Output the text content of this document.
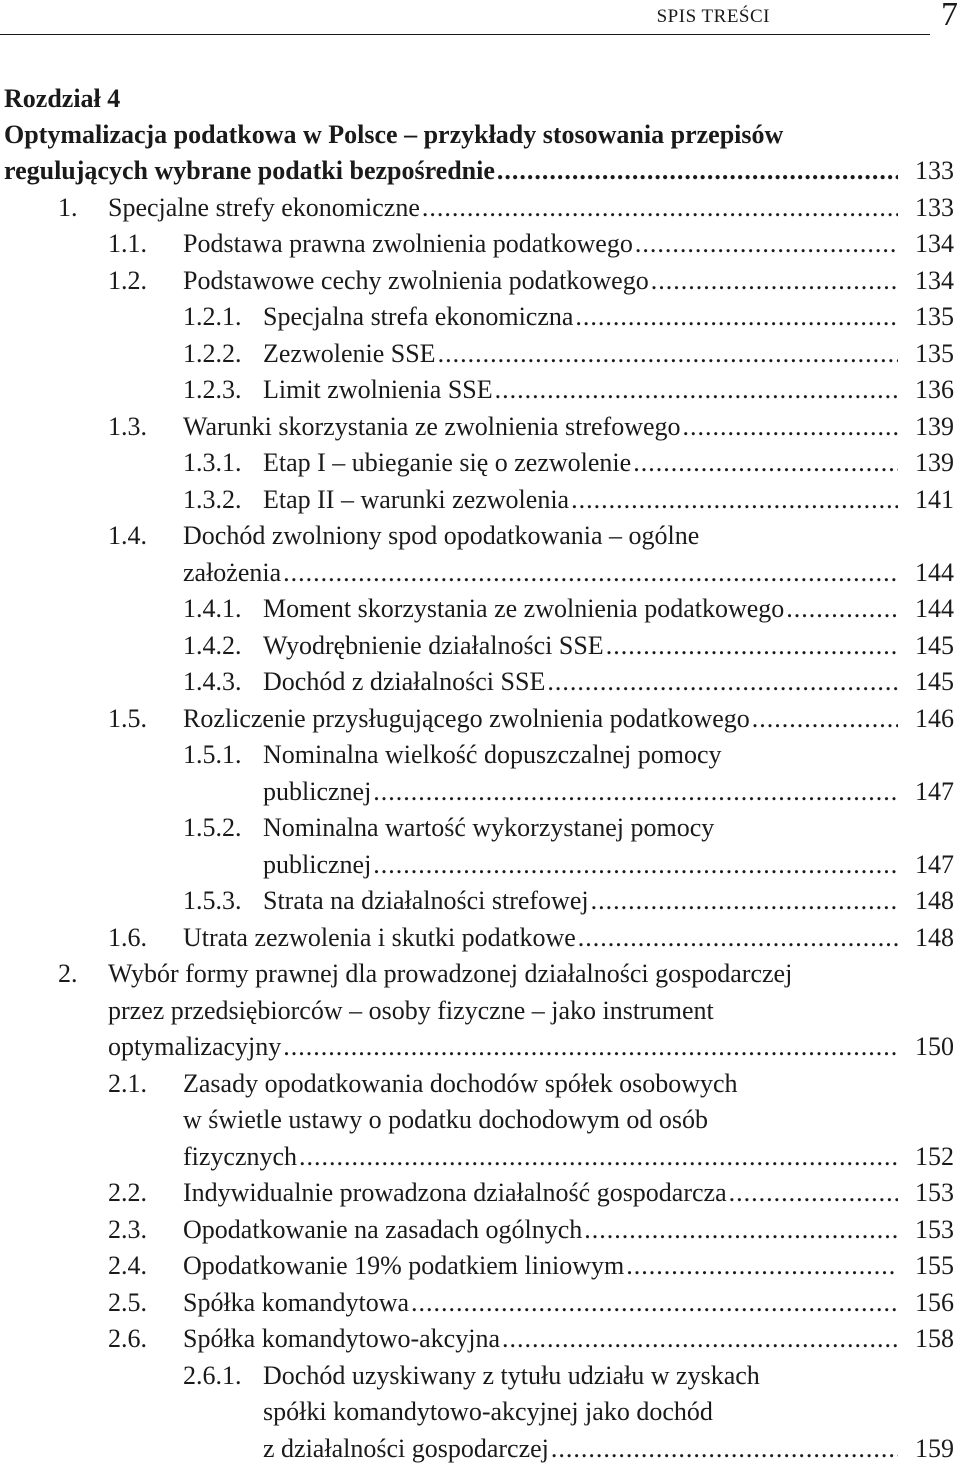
SPIS TREŚCI	7
Rozdział 4
Optymalizacja podatkowa w Polsce – przykłady stosowania przepisów
regulujących wybrane podatki bezpośrednie .....	133
1. Specjalne strefy ekonomiczne .....	133
1.1. Podstawa prawna zwolnienia podatkowego .....	134
1.2. Podstawowe cechy zwolnienia podatkowego .....	134
1.2.1. Specjalna strefa ekonomiczna .....	135
1.2.2. Zezwolenie SSE .....	135
1.2.3. Limit zwolnienia SSE .....	136
1.3. Warunki skorzystania ze zwolnienia strefowego .....	139
1.3.1. Etap I – ubieganie się o zezwolenie .....	139
1.3.2. Etap II – warunki zezwolenia .....	141
1.4. Dochód zwolniony spod opodatkowania – ogólne
założenia .....	144
1.4.1. Moment skorzystania ze zwolnienia podatkowego .....	144
1.4.2. Wyodrębnienie działalności SSE .....	145
1.4.3. Dochód z działalności SSE .....	145
1.5. Rozliczenie przysługującego zwolnienia podatkowego .....	146
1.5.1. Nominalna wielkość dopuszczalnej pomocy
publicznej .....	147
1.5.2. Nominalna wartość wykorzystanej pomocy
publicznej .....	147
1.5.3. Strata na działalności strefowej .....	148
1.6. Utrata zezwolenia i skutki podatkowe .....	148
2. Wybór formy prawnej dla prowadzonej działalności gospodarczej
przez przedsiębiorców – osoby fizyczne – jako instrument
optymalizacyjny .....	150
2.1. Zasady opodatkowania dochodów spółek osobowych
w świetle ustawy o podatku dochodowym od osób
fizycznych .....	152
2.2. Indywidualnie prowadzona działalność gospodarcza .....	153
2.3. Opodatkowanie na zasadach ogólnych .....	153
2.4. Opodatkowanie 19% podatkiem liniowym .....	155
2.5. Spółka komandytowa .....	156
2.6. Spółka komandytowo-akcyjna .....	158
2.6.1. Dochód uzyskiwany z tytułu udziału w zyskach
spółki komandytowo-akcyjnej jako dochód
z działalności gospodarczej .....	159
